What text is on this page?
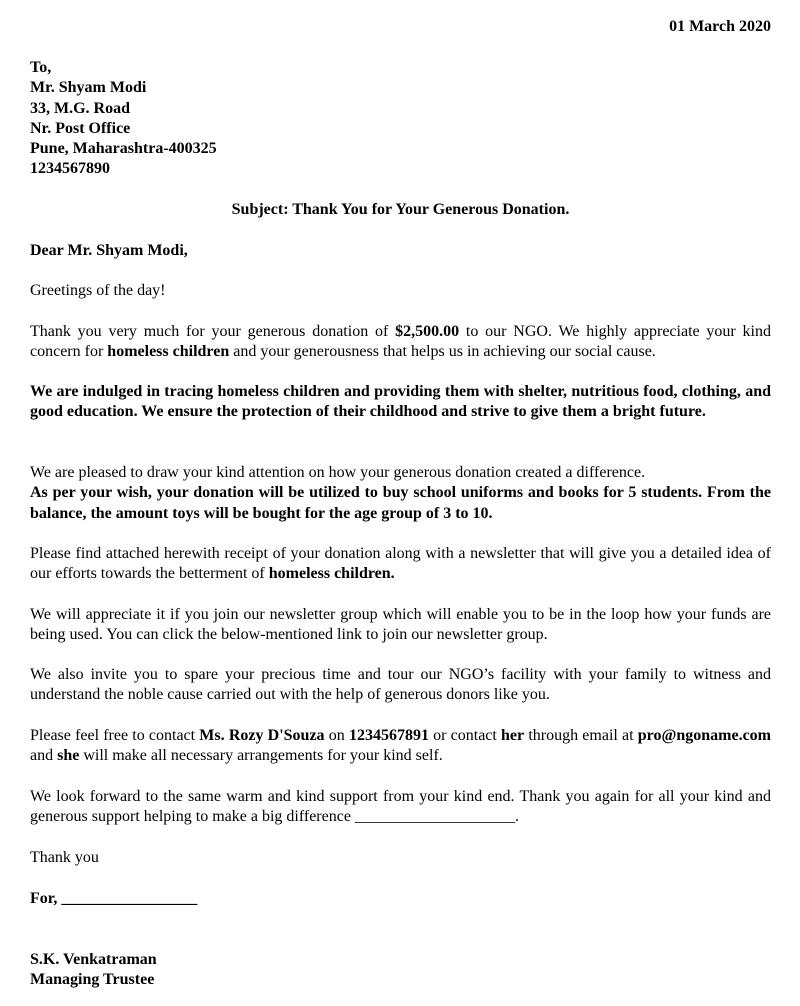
01 March 2020
To,
Mr. Shyam Modi
33, M.G. Road
Nr. Post Office
Pune, Maharashtra-400325
1234567890
Subject: Thank You for Your Generous Donation.
Dear Mr. Shyam Modi,
Greetings of the day!
Thank you very much for your generous donation of $2,500.00 to our NGO. We highly appreciate your kind concern for homeless children and your generousness that helps us in achieving our social cause.
We are indulged in tracing homeless children and providing them with shelter, nutritious food, clothing, and good education. We ensure the protection of their childhood and strive to give them a bright future.
We are pleased to draw your kind attention on how your generous donation created a difference.
As per your wish, your donation will be utilized to buy school uniforms and books for 5 students. From the balance, the amount toys will be bought for the age group of 3 to 10.
Please find attached herewith receipt of your donation along with a newsletter that will give you a detailed idea of our efforts towards the betterment of homeless children.
We will appreciate it if you join our newsletter group which will enable you to be in the loop how your funds are being used. You can click the below-mentioned link to join our newsletter group.
We also invite you to spare your precious time and tour our NGO’s facility with your family to witness and understand the noble cause carried out with the help of generous donors like you.
Please feel free to contact Ms. Rozy D'Souza on 1234567891 or contact her through email at pro@ngoname.com and she will make all necessary arrangements for your kind self.
We look forward to the same warm and kind support from your kind end. Thank you again for all your kind and generous support helping to make a big difference ____________________.
Thank you
For, _________________
S.K. Venkatraman
Managing Trustee
